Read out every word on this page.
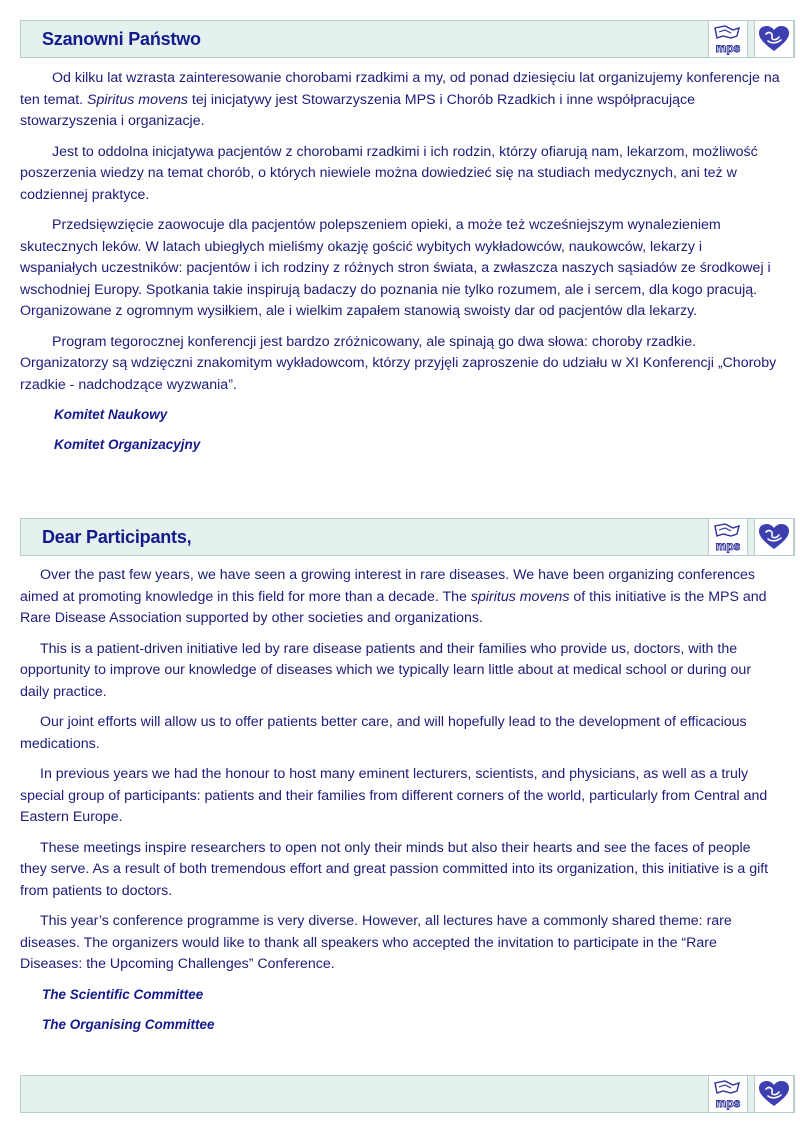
Szanowni Państwo	mps

Od kilku lat wzrasta zainteresowanie chorobami rzadkimi a my, od ponad dziesięciu lat organizujemy konferencje na ten temat. Spiritus movens tej inicjatywy jest Stowarzyszenia MPS i Chorób Rzadkich i inne współpracujące stowarzyszenia i organizacje.

Jest to oddolna inicjatywa pacjentów z chorobami rzadkimi i ich rodzin, którzy ofiarują nam, lekarzom, możliwość poszerzenia wiedzy na temat chorób, o których niewiele można dowiedzieć się na studiach medycznych, ani też w codziennej praktyce.

Przedsięwzięcie zaowocuje dla pacjentów polepszeniem opieki, a może też wcześniejszym wynalezieniem skutecznych leków. W latach ubiegłych mieliśmy okazję gościć wybitych wykładowców, naukowców, lekarzy i wspaniałych uczestników: pacjentów i ich rodziny z różnych stron świata, a zwłaszcza naszych sąsiadów ze środkowej i wschodniej Europy. Spotkania takie inspirują badaczy do poznania nie tylko rozumem, ale i sercem, dla kogo pracują. Organizowane z ogromnym wysiłkiem, ale i wielkim zapałem stanowią swoisty dar od pacjentów dla lekarzy.

Program tegorocznej konferencji jest bardzo zróżnicowany, ale spinają go dwa słowa: choroby rzadkie. Organizatorzy są wdzięczni znakomitym wykładowcom, którzy przyjęli zaproszenie do udziału w XI Konferencji „Choroby rzadkie - nadchodzące wyzwania”.

Komitet Naukowy
Komitet Organizacyjny
Dear Participants,	mps

Over the past few years, we have seen a growing interest in rare diseases. We have been organizing conferences aimed at promoting knowledge in this field for more than a decade. The spiritus movens of this initiative is the MPS and Rare Disease Association supported by other societies and organizations.

This is a patient-driven initiative led by rare disease patients and their families who provide us, doctors, with the opportunity to improve our knowledge of diseases which we typically learn little about at medical school or during our daily practice.

Our joint efforts will allow us to offer patients better care, and will hopefully lead to the development of efficacious medications.

In previous years we had the honour to host many eminent lecturers, scientists, and physicians, as well as a truly special group of participants: patients and their families from different corners of the world, particularly from Central and Eastern Europe.

These meetings inspire researchers to open not only their minds but also their hearts and see the faces of people they serve. As a result of both tremendous effort and great passion committed into its organization, this initiative is a gift from patients to doctors.

This year’s conference programme is very diverse. However, all lectures have a commonly shared theme: rare diseases. The organizers would like to thank all speakers who accepted the invitation to participate in the “Rare Diseases: the Upcoming Challenges” Conference.

The Scientific Committee
The Organising Committee
mps
